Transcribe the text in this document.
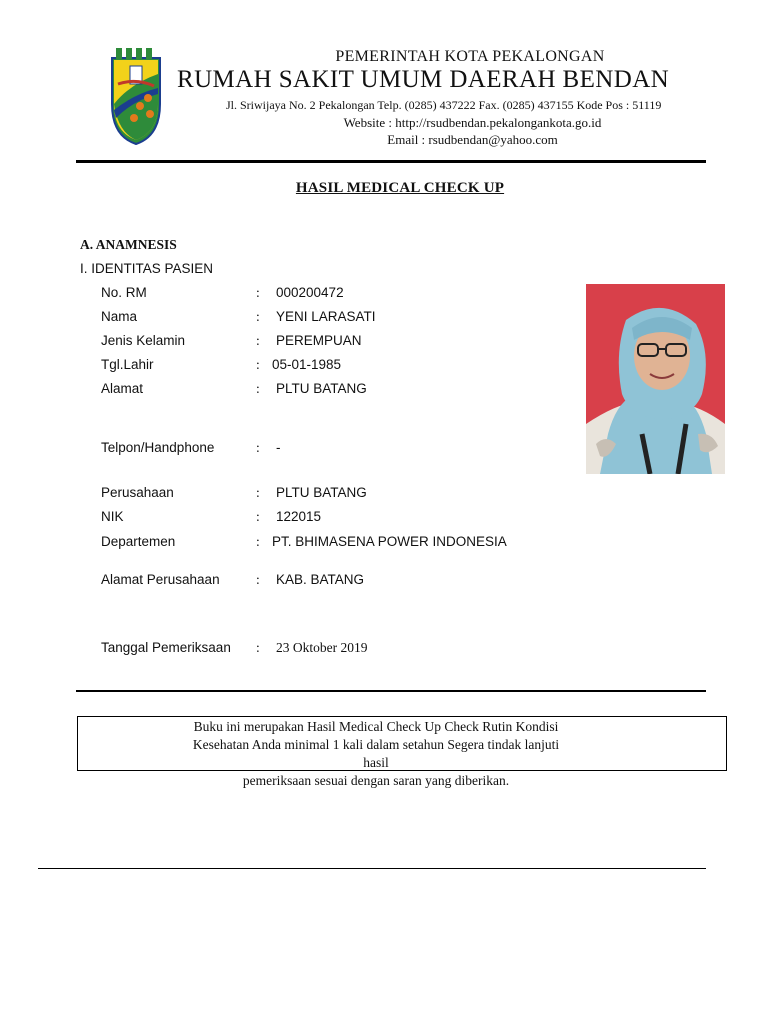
PEMERINTAH KOTA PEKALONGAN
RUMAH SAKIT UMUM DAERAH BENDAN
Jl. Sriwijaya No. 2 Pekalongan Telp. (0285) 437222 Fax. (0285) 437155 Kode Pos : 51119
Website : http://rsudbendan.pekalongankota.go.id
Email : rsudbendan@yahoo.com
HASIL MEDICAL CHECK UP
A. ANAMNESIS
I. IDENTITAS PASIEN
No. RM	: 000200472
Nama	: YENI LARASATI
Jenis Kelamin	: PEREMPUAN
Tgl.Lahir	: 05-01-1985
Alamat	: PLTU BATANG
Telpon/Handphone	: -
Perusahaan	: PLTU BATANG
NIK	: 122015
Departemen	: PT. BHIMASENA POWER INDONESIA
Alamat Perusahaan	: KAB. BATANG
Tanggal Pemeriksaan : 23 Oktober 2019
Buku ini merupakan Hasil Medical Check Up Check Rutin Kondisi
Kesehatan Anda minimal 1 kali dalam setahun Segera tindak lanjuti hasil
pemeriksaan sesuai dengan saran yang diberikan.
